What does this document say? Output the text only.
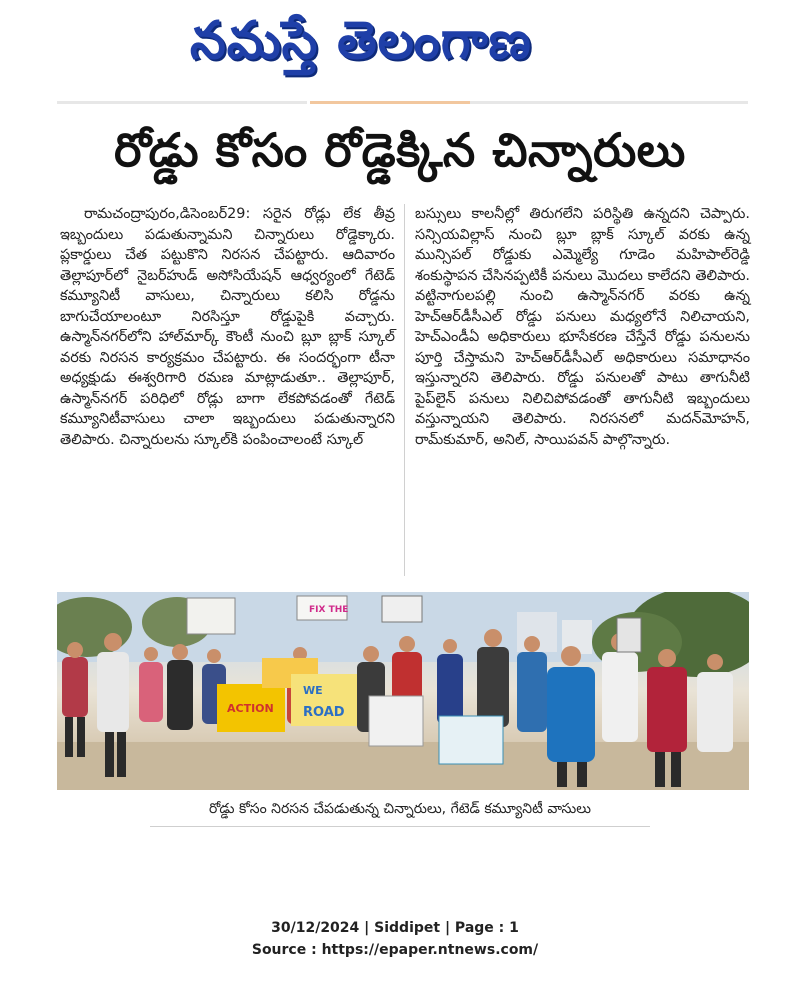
నమస్తే తెలంగాణ
రోడ్డు కోసం రోడ్డెక్కిన చిన్నారులు
రామచంద్రాపురం,డిసెంబర్29: సరైన రోడ్లు లేక తీవ్ర ఇబ్బందులు పడుతున్నామని చిన్నారులు రోడ్డెక్కారు. ప్లకార్డులు చేత పట్టుకొని నిరసన చేపట్టారు. ఆదివారం తెల్లాపూర్‌లో నైబర్‌హుడ్ అసోసియేషన్ ఆధ్వర్యంలో గేటెడ్ కమ్యూనిటీ వాసులు, చిన్నారులు కలిసి రోడ్డను బాగుచేయాలంటూ నిరసిస్తూ రోడ్డుపైకి వచ్చారు. ఉస్మాన్‌నగర్‌లోని హాల్‌మార్క్ కౌంటీ నుంచి బ్లూ బ్లాక్ స్కూల్ వరకు నిరసన కార్యక్రమం చేపట్టారు. ఈ సందర్భంగా టీనా అధ్యక్షుడు ఈశ్వరిగారి రమణ మాట్లాడుతూ.. తెల్లాపూర్, ఉస్మాన్‌నగర్ పరిధిలో రోడ్లు బాగా లేకపోవడంతో గేటెడ్ కమ్యూనిటీవాసులు చాలా ఇబ్బందులు పడుతున్నారని తెలిపారు. చిన్నారులను స్కూల్‌కి పంపించాలంటే స్కూల్
బస్సులు కాలనీల్లో తిరుగలేని పరిస్థితి ఉన్నదని చెప్పారు. సన్సియవిల్లాస్ నుంచి బ్లూ బ్లాక్ స్కూల్ వరకు ఉన్న మున్సిపల్ రోడ్డుకు ఎమ్మెల్యే గూడెం మహిపాల్‌రెడ్డి శంకుస్థాపన చేసినప్పటికీ పనులు మొదలు కాలేదని తెలిపారు. వట్టినాగులపల్లి నుంచి ఉస్మాన్‌నగర్ వరకు ఉన్న హెచ్ఆర్‌డీసీఎల్ రోడ్డు పనులు మధ్యలోనే నిలిచాయని, హెచ్ఎండీఏ అధికారులు భూసేకరణ చేస్తేనే రోడ్డు పనులను పూర్తి చేస్తామని హెచ్ఆర్‌డీసీఎల్ అధికారులు సమాధానం ఇస్తున్నారని తెలిపారు. రోడ్డు పనులతో పాటు తాగునీటి పైప్‌లైన్ పనులు నిలిచిపోవడంతో తాగునీటి ఇబ్బందులు వస్తున్నాయని తెలిపారు. నిరసనలో మదన్‌మోహన్, రామ్‌కుమార్, అనిల్, సాయిపవన్ పాల్గొన్నారు.
FIX THE
ACTION
WE
ROAD
రోడ్డు కోసం నిరసన చేపడుతున్న చిన్నారులు, గేటెడ్ కమ్యూనిటీ వాసులు
30/12/2024 | Siddipet | Page : 1
Source : https://epaper.ntnews.com/
